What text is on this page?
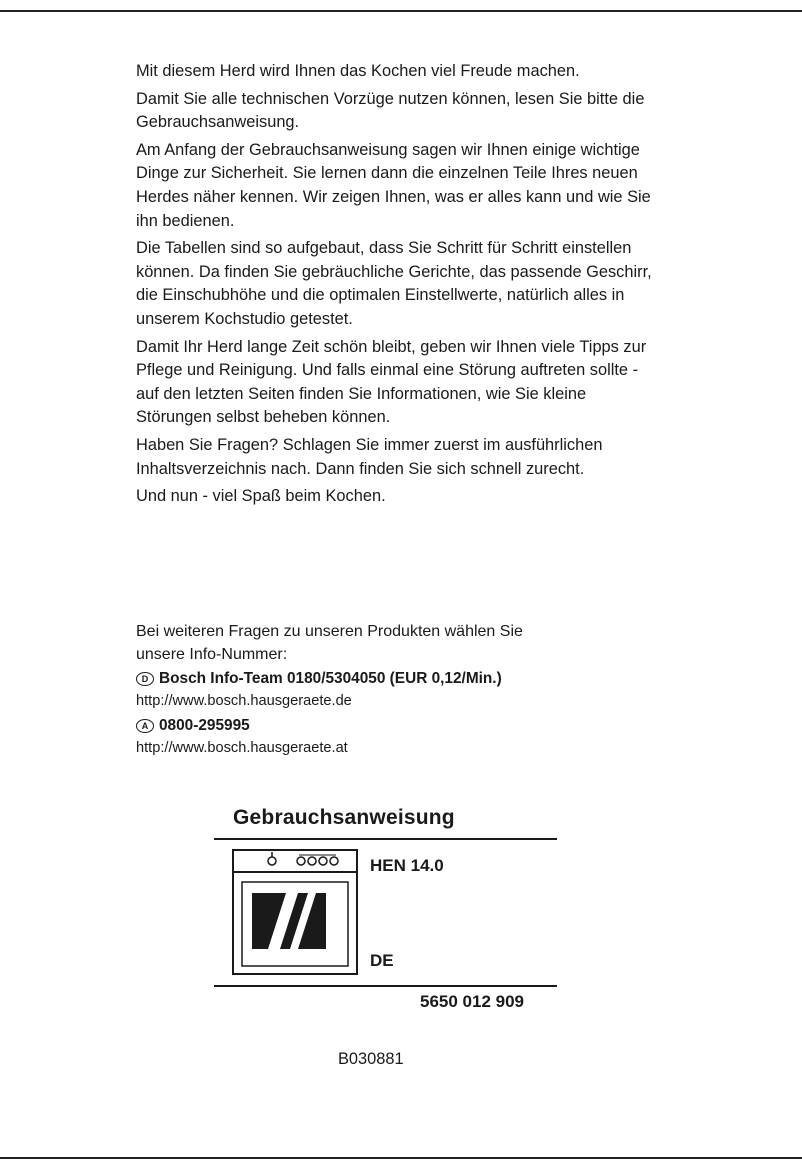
Mit diesem Herd wird Ihnen das Kochen viel Freude machen.

Damit Sie alle technischen Vorzüge nutzen können, lesen Sie bitte die Gebrauchsanweisung.

Am Anfang der Gebrauchsanweisung sagen wir Ihnen einige wichtige Dinge zur Sicherheit. Sie lernen dann die einzelnen Teile Ihres neuen Herdes näher kennen. Wir zeigen Ihnen, was er alles kann und wie Sie ihn bedienen.

Die Tabellen sind so aufgebaut, dass Sie Schritt für Schritt einstellen können. Da finden Sie gebräuchliche Gerichte, das passende Geschirr, die Einschubhöhe und die optimalen Einstellwerte, natürlich alles in unserem Kochstudio getestet.

Damit Ihr Herd lange Zeit schön bleibt, geben wir Ihnen viele Tipps zur Pflege und Reinigung. Und falls einmal eine Störung auftreten sollte - auf den letzten Seiten finden Sie Informationen, wie Sie kleine Störungen selbst beheben können.

Haben Sie Fragen? Schlagen Sie immer zuerst im ausführlichen Inhaltsverzeichnis nach. Dann finden Sie sich schnell zurecht.

Und nun - viel Spaß beim Kochen.

Bei weiteren Fragen zu unseren Produkten wählen Sie
unsere Info-Nummer:
D Bosch Info-Team 0180/5304050 (EUR 0,12/Min.)
http://www.bosch.hausgeraete.de
A 0800-295995
http://www.bosch.hausgeraete.at
Gebrauchsanweisung
HEN 14.0
DE
5650 012 909
B030881
